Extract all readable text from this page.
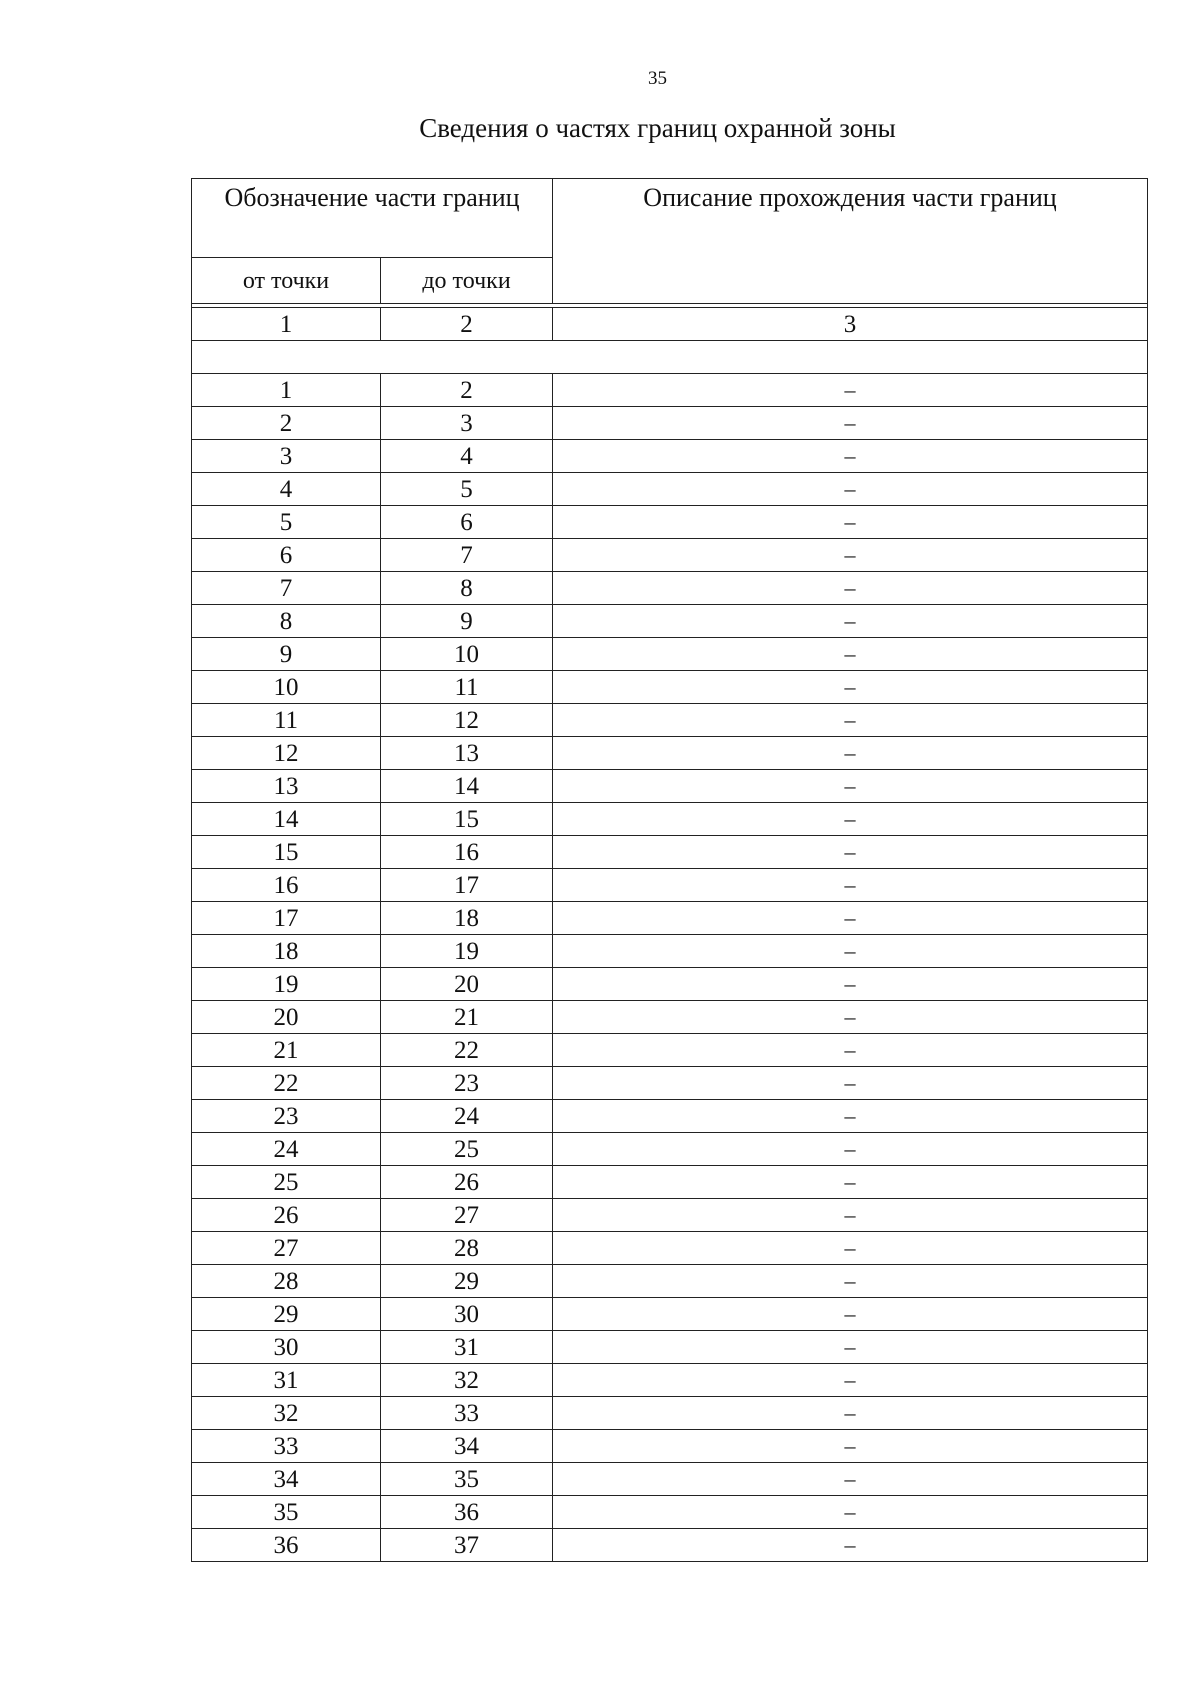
35
Сведения о частях границ охранной зоны
Обозначение части границ		Описание прохождения части границ
от точки	до точки	

1	2	3

1	2	–
2	3	–
3	4	–
4	5	–
5	6	–
6	7	–
7	8	–
8	9	–
9	10	–
10	11	–
11	12	–
12	13	–
13	14	–
14	15	–
15	16	–
16	17	–
17	18	–
18	19	–
19	20	–
20	21	–
21	22	–
22	23	–
23	24	–
24	25	–
25	26	–
26	27	–
27	28	–
28	29	–
29	30	–
30	31	–
31	32	–
32	33	–
33	34	–
34	35	–
35	36	–
36	37	–
